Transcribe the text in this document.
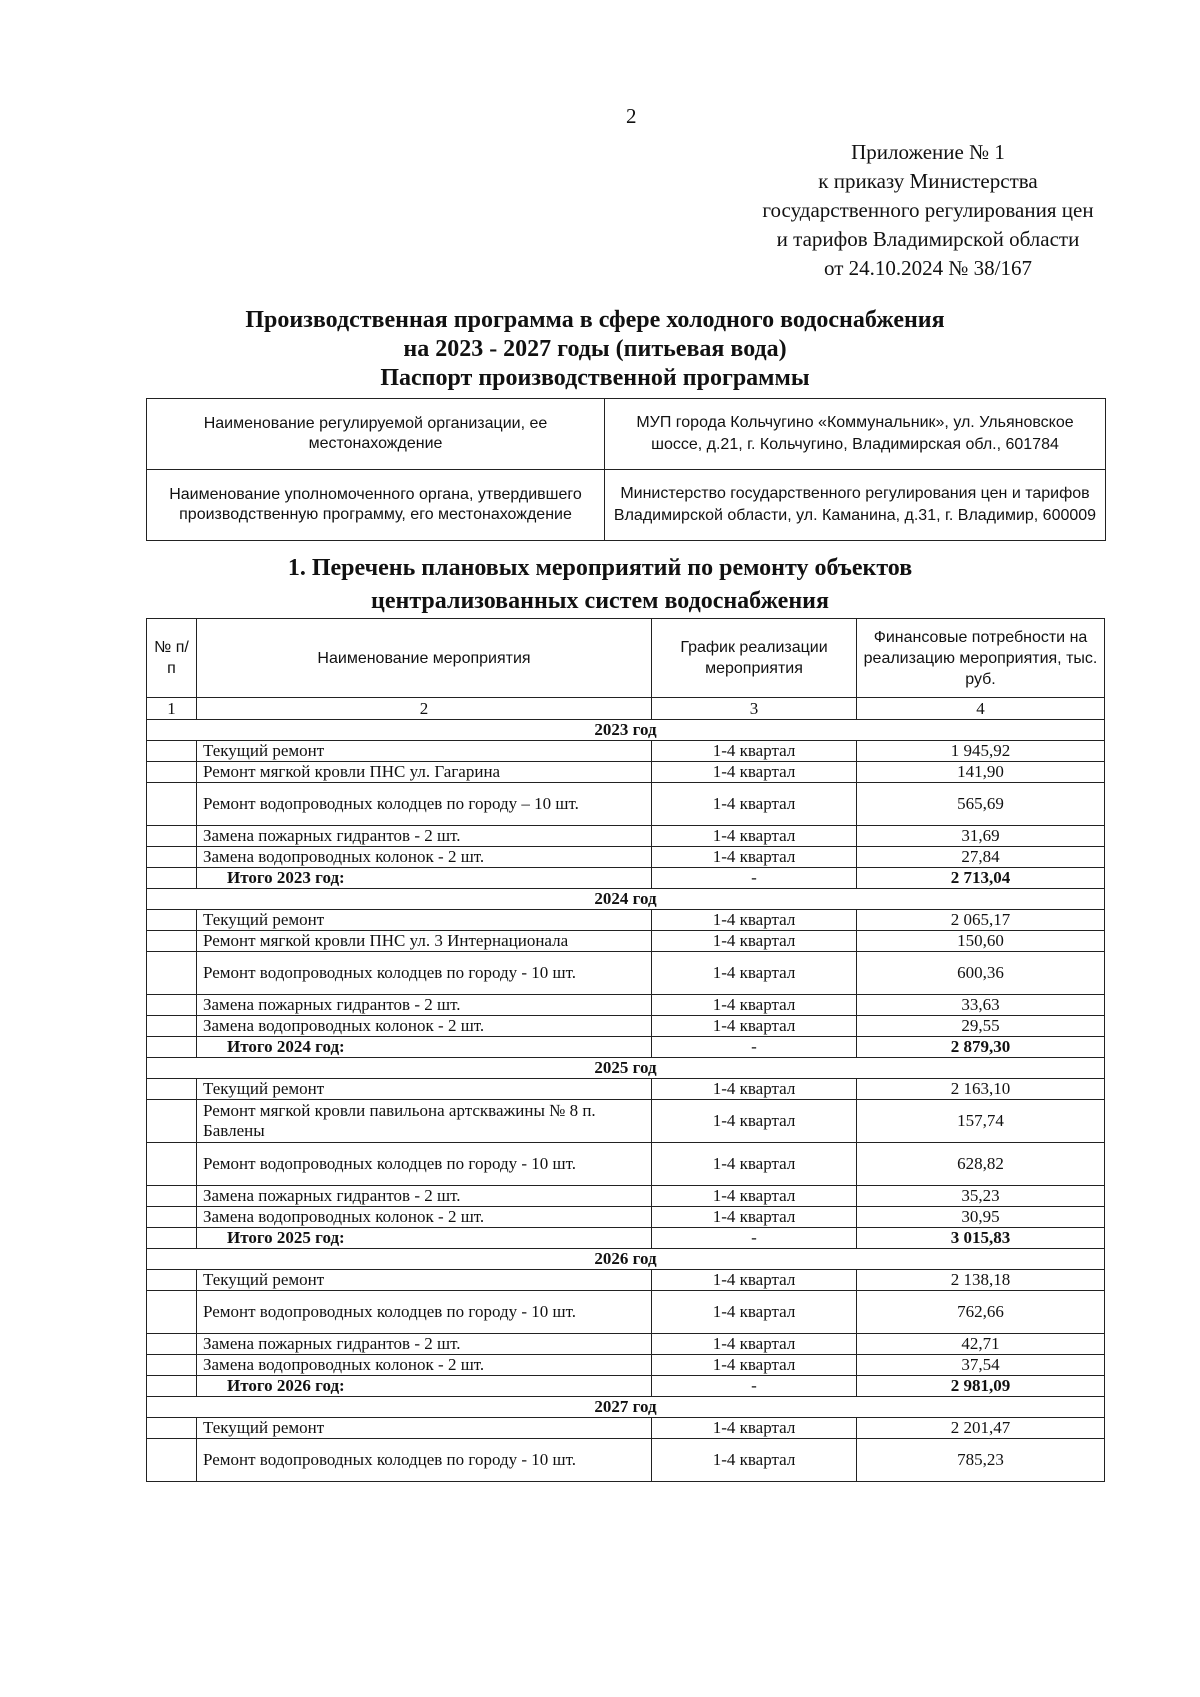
2
Приложение № 1
к приказу Министерства
государственного регулирования цен
и тарифов Владимирской области
от 24.10.2024 № 38/167
Производственная программа в сфере холодного водоснабжения
на 2023 - 2027 годы (питьевая вода)
Паспорт производственной программы
Наименование регулируемой организации, ее местонахождение	МУП города Кольчугино «Коммунальник», ул. Ульяновское шоссе, д.21, г. Кольчугино, Владимирская обл., 601784
Наименование уполномоченного органа, утвердившего производственную программу, его местонахождение	Министерство государственного регулирования цен и тарифов Владимирской области, ул. Каманина, д.31, г. Владимир, 600009
1. Перечень плановых мероприятий по ремонту объектов
централизованных систем водоснабжения
№ п/п	Наименование мероприятия	График реализации мероприятия	Финансовые потребности на реализацию мероприятия, тыс. руб.
1	2	3	4
2023 год			
	Текущий ремонт	1-4 квартал	1 945,92
	Ремонт мягкой кровли ПНС ул. Гагарина	1-4 квартал	141,90
	Ремонт водопроводных колодцев по городу – 10 шт.	1-4 квартал	565,69
	Замена пожарных гидрантов - 2 шт.	1-4 квартал	31,69
	Замена водопроводных колонок - 2 шт.	1-4 квартал	27,84
	Итого 2023 год:	-	2 713,04
2024 год			
	Текущий ремонт	1-4 квартал	2 065,17
	Ремонт мягкой кровли ПНС ул. 3 Интернационала	1-4 квартал	150,60
	Ремонт водопроводных колодцев по городу - 10 шт.	1-4 квартал	600,36
	Замена пожарных гидрантов - 2 шт.	1-4 квартал	33,63
	Замена водопроводных колонок - 2 шт.	1-4 квартал	29,55
	Итого 2024 год:	-	2 879,30
2025 год			
	Текущий ремонт	1-4 квартал	2 163,10
	Ремонт мягкой кровли павильона артскважины № 8 п. Бавлены	1-4 квартал	157,74
	Ремонт водопроводных колодцев по городу - 10 шт.	1-4 квартал	628,82
	Замена пожарных гидрантов - 2 шт.	1-4 квартал	35,23
	Замена водопроводных колонок - 2 шт.	1-4 квартал	30,95
	Итого 2025 год:	-	3 015,83
2026 год			
	Текущий ремонт	1-4 квартал	2 138,18
	Ремонт водопроводных колодцев по городу - 10 шт.	1-4 квартал	762,66
	Замена пожарных гидрантов - 2 шт.	1-4 квартал	42,71
	Замена водопроводных колонок - 2 шт.	1-4 квартал	37,54
	Итого 2026 год:	-	2 981,09
2027 год			
	Текущий ремонт	1-4 квартал	2 201,47
	Ремонт водопроводных колодцев по городу - 10 шт.	1-4 квартал	785,23
